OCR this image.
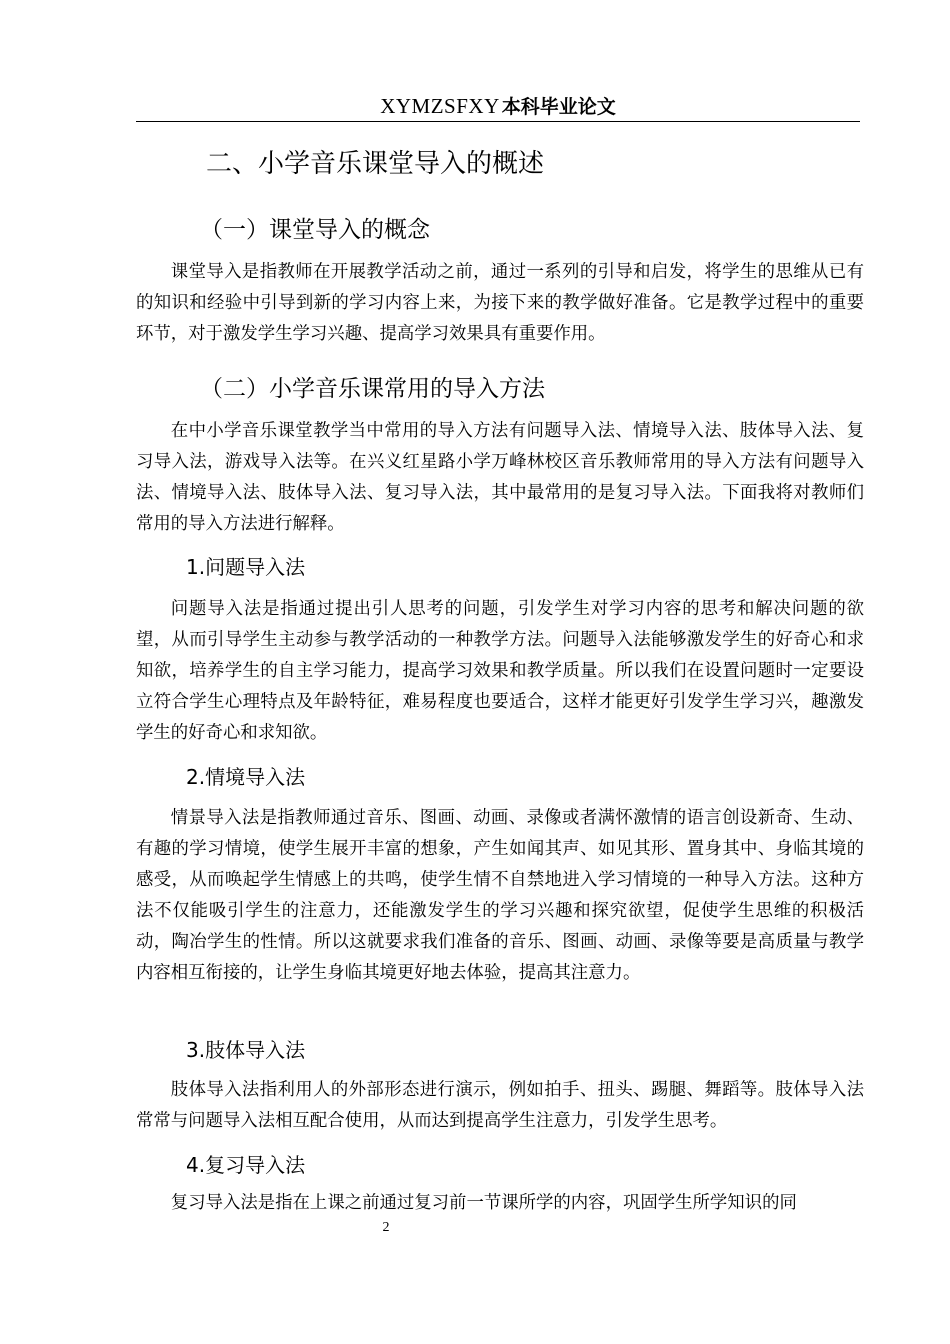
XYMZSFXY 本科毕业论文
二、小学音乐课堂导入的概述
（一）课堂导入的概念

课堂导入是指教师在开展教学活动之前，通过一系列的引导和启发，将学生的思维从已有的知识和经验中引导到新的学习内容上来，为接下来的教学做好准备。它是教学过程中的重要环节，对于激发学生学习兴趣、提高学习效果具有重要作用。

（二）小学音乐课常用的导入方法

在中小学音乐课堂教学当中常用的导入方法有问题导入法、情境导入法、肢体导入法、复习导入法，游戏导入法等。在兴义红星路小学万峰林校区音乐教师常用的导入方法有问题导入法、情境导入法、肢体导入法、复习导入法，其中最常用的是复习导入法。下面我将对教师们常用的导入方法进行解释。

1.问题导入法

问题导入法是指通过提出引人思考的问题，引发学生对学习内容的思考和解决问题的欲望，从而引导学生主动参与教学活动的一种教学方法。问题导入法能够激发学生的好奇心和求知欲，培养学生的自主学习能力，提高学习效果和教学质量。所以我们在设置问题时一定要设立符合学生心理特点及年龄特征，难易程度也要适合，这样才能更好引发学生学习兴，趣激发学生的好奇心和求知欲。

2.情境导入法

情景导入法是指教师通过音乐、图画、动画、录像或者满怀激情的语言创设新奇、生动、有趣的学习情境，使学生展开丰富的想象，产生如闻其声、如见其形、置身其中、身临其境的感受，从而唤起学生情感上的共鸣，使学生情不自禁地进入学习情境的一种导入方法。这种方法不仅能吸引学生的注意力，还能激发学生的学习兴趣和探究欲望，促使学生思维的积极活动，陶冶学生的性情。所以这就要求我们准备的音乐、图画、动画、录像等要是高质量与教学内容相互衔接的，让学生身临其境更好地去体验，提高其注意力。

3.肢体导入法

肢体导入法指利用人的外部形态进行演示，例如拍手、扭头、踢腿、舞蹈等。肢体导入法常常与问题导入法相互配合使用，从而达到提高学生注意力，引发学生思考。

4.复习导入法

复习导入法是指在上课之前通过复习前一节课所学的内容，巩固学生所学知识的同

2
